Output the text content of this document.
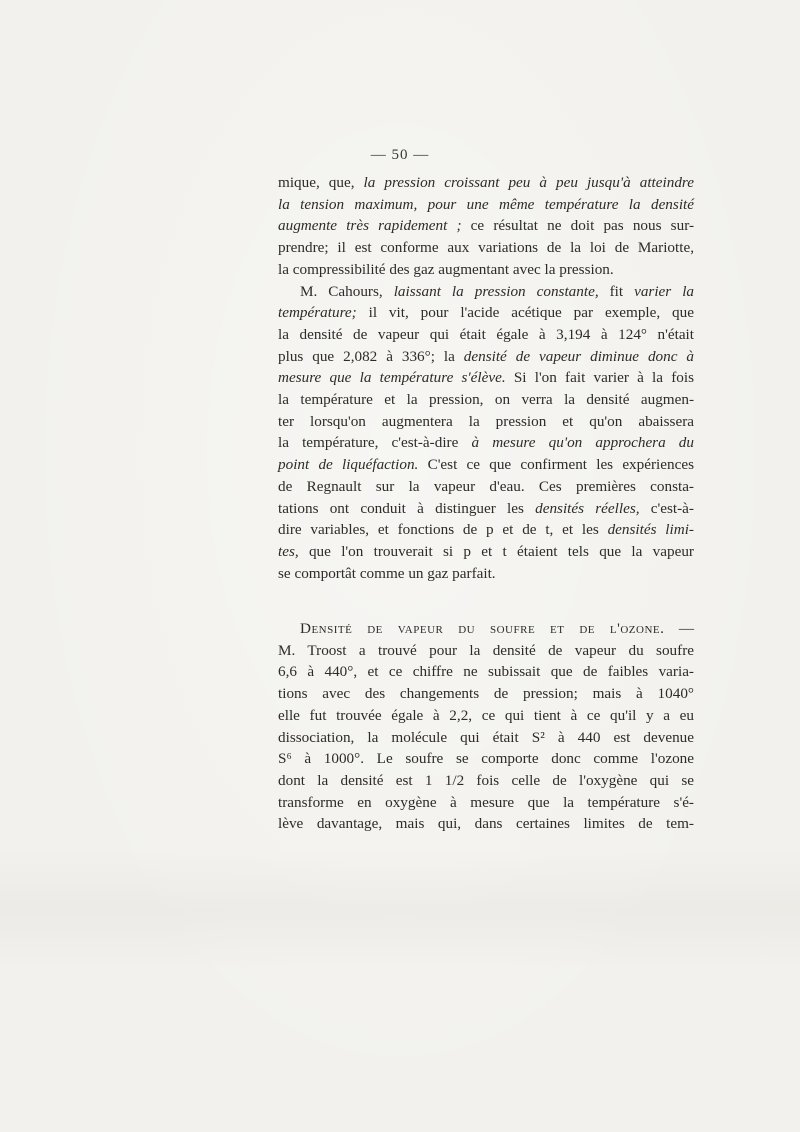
— 50 —
mique, que, la pression croissant peu à peu jusqu'à atteindre
la tension maximum, pour une même température la densité
augmente très rapidement ; ce résultat ne doit pas nous sur-
prendre; il est conforme aux variations de la loi de Mariotte,
la compressibilité des gaz augmentant avec la pression.
M. Cahours, laissant la pression constante, fit varier la
température; il vit, pour l'acide acétique par exemple, que
la densité de vapeur qui était égale à 3,194 à 124° n'était
plus que 2,082 à 336°; la densité de vapeur diminue donc à
mesure que la température s'élève. Si l'on fait varier à la fois
la température et la pression, on verra la densité augmen-
ter lorsqu'on augmentera la pression et qu'on abaissera
la température, c'est-à-dire à mesure qu'on approchera du
point de liquéfaction. C'est ce que confirment les expériences
de Regnault sur la vapeur d'eau. Ces premières consta-
tations ont conduit à distinguer les densités réelles, c'est-à-
dire variables, et fonctions de p et de t, et les densités limi-
tes, que l'on trouverait si p et t étaient tels que la vapeur
se comportât comme un gaz parfait.
Densité de vapeur du soufre et de l'ozone. —
M. Troost a trouvé pour la densité de vapeur du soufre
6,6 à 440°, et ce chiffre ne subissait que de faibles varia-
tions avec des changements de pression; mais à 1040°
elle fut trouvée égale à 2,2, ce qui tient à ce qu'il y a eu
dissociation, la molécule qui était S² à 440 est devenue
S⁶ à 1000°. Le soufre se comporte donc comme l'ozone
dont la densité est 1 1/2 fois celle de l'oxygène qui se
transforme en oxygène à mesure que la température s'é-
lève davantage, mais qui, dans certaines limites de tem-
